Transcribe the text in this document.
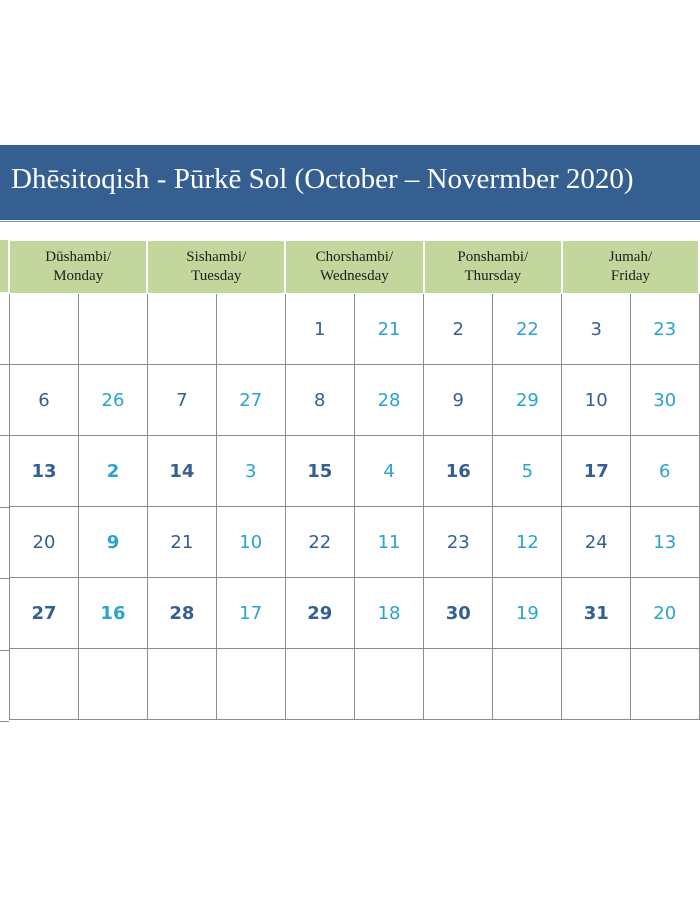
Dhēsitoqish - Pūrkē Sol (October – Novermber 2020)
Dūshambi/
Monday		Sishambi/
Tuesday		Chorshambi/
Wednesday		Ponshambi/
Thursday		Jumah/
Friday	
				1	21	2	22	3	23
6	26	7	27	8	28	9	29	10	30
13	2	14	3	15	4	16	5	17	6
20	9	21	10	22	11	23	12	24	13
27	16	28	17	29	18	30	19	31	20
